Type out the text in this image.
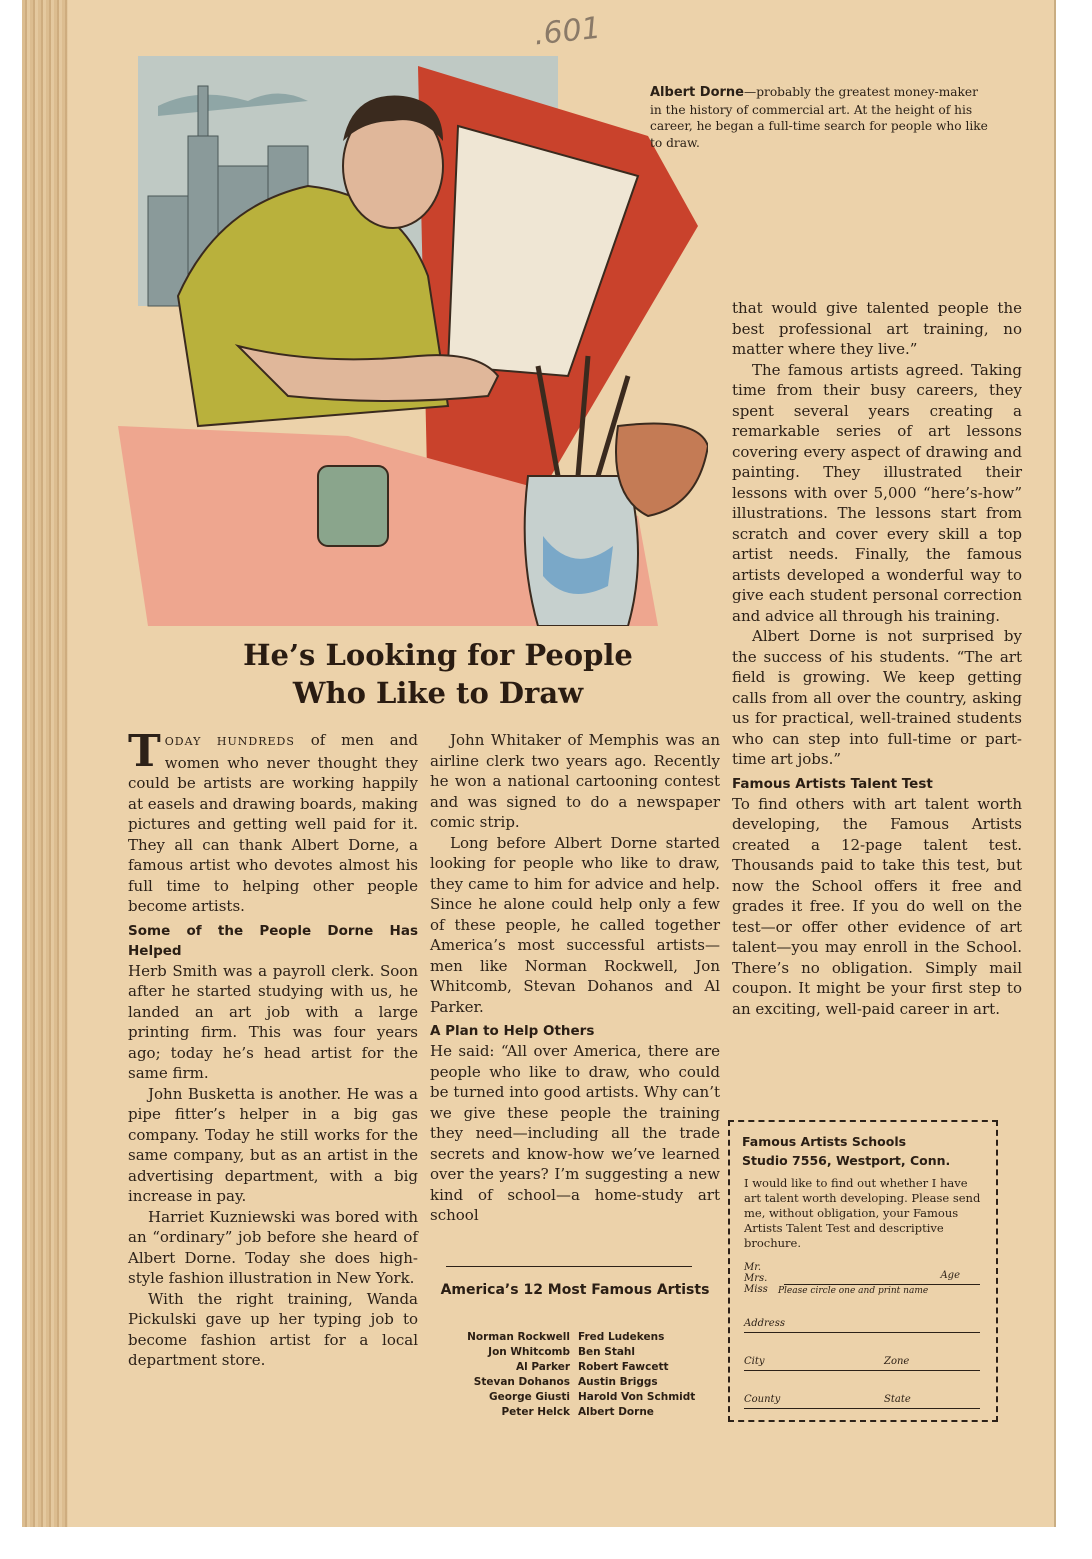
.601
Albert Dorne—probably the greatest money-maker in the history of commercial art. At the height of his career, he began a full-time search for people who like to draw.
He’s Looking for People
Who Like to Draw

TODAY HUNDREDS of men and women who never thought they could be artists are working happily at easels and drawing boards, making pictures and getting well paid for it. They all can thank Albert Dorne, a famous artist who devotes almost his full time to helping other people become artists.

Some of the People Dorne Has Helped

Herb Smith was a payroll clerk. Soon after he started studying with us, he landed an art job with a large printing firm. This was four years ago; today he’s head artist for the same firm.

John Busketta is another. He was a pipe fitter’s helper in a big gas company. Today he still works for the same company, but as an artist in the advertising department, with a big increase in pay.

Harriet Kuzniewski was bored with an “ordinary” job before she heard of Albert Dorne. Today she does high-style fashion illustration in New York.

With the right training, Wanda Pickulski gave up her typing job to become fashion artist for a local department store.

John Whitaker of Memphis was an airline clerk two years ago. Recently he won a national cartooning contest and was signed to do a newspaper comic strip.

Long before Albert Dorne started looking for people who like to draw, they came to him for advice and help. Since he alone could help only a few of these people, he called together America’s most successful artists—men like Norman Rockwell, Jon Whitcomb, Stevan Dohanos and Al Parker.

A Plan to Help Others

He said: “All over America, there are people who like to draw, who could be turned into good artists. Why can’t we give these people the training they need—including all the trade secrets and know-how we’ve learned over the years? I’m suggesting a new kind of school—a home-study art school

that would give talented people the best professional art training, no matter where they live.”

The famous artists agreed. Taking time from their busy careers, they spent several years creating a remarkable series of art lessons covering every aspect of drawing and painting. They illustrated their lessons with over 5,000 “here’s-how” illustrations. The lessons start from scratch and cover every skill a top artist needs. Finally, the famous artists developed a wonderful way to give each student personal correction and advice all through his training.

Albert Dorne is not surprised by the success of his students. “The art field is growing. We keep getting calls from all over the country, asking us for practical, well-trained students who can step into full-time or part-time art jobs.”

Famous Artists Talent Test

To find others with art talent worth developing, the Famous Artists created a 12-page talent test. Thousands paid to take this test, but now the School offers it free and grades it free. If you do well on the test—or offer other evidence of art talent—you may enroll in the School. There’s no obligation. Simply mail coupon. It might be your first step to an exciting, well-paid career in art.

America’s 12 Most Famous Artists
Norman Rockwell Fred Ludekens
Jon Whitcomb Ben Stahl
Al Parker Robert Fawcett
Stevan Dohanos Austin Briggs
George Giusti Harold Von Schmidt
Peter Helck Albert Dorne
Famous Artists Schools
Studio 7556, Westport, Conn.
I would like to find out whether I have art talent worth developing. Please send me, without obligation, your Famous Artists Talent Test and descriptive brochure.
Mr.
Mrs.
Miss
Age
Please circle one and print name
Address
City	Zone
County	State
